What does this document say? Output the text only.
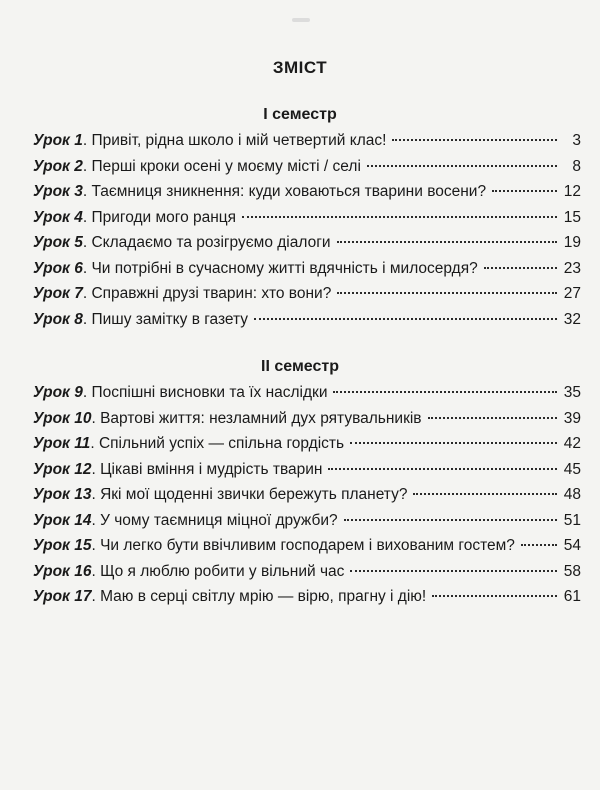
ЗМІСТ
І семестр
Урок 1 . Привіт, рідна школо і мій четвертий клас!	3
Урок 2 . Перші кроки осені у моєму місті / селі	8
Урок 3 . Таємниця зникнення: куди ховаються тварини восени?	12
Урок 4 . Пригоди мого ранця	15
Урок 5 . Складаємо та розігруємо діалоги	19
Урок 6 . Чи потрібні в сучасному житті вдячність і милосердя?	23
Урок 7 . Справжні друзі тварин: хто вони?	27
Урок 8 . Пишу замітку в газету	32
ІІ семестр
Урок 9 . Поспішні висновки та їх наслідки	35
Урок 10 . Вартові життя: незламний дух рятувальників	39
Урок 11 . Спільний успіх — спільна гордість	42
Урок 12 . Цікаві вміння і мудрість тварин	45
Урок 13 . Які мої щоденні звички бережуть планету?	48
Урок 14 . У чому таємниця міцної дружби?	51
Урок 15 . Чи легко бути ввічливим господарем і вихованим гостем?	54
Урок 16 . Що я люблю робити у вільний час	58
Урок 17 . Маю в серці світлу мрію — вірю, прагну і дію!	61
